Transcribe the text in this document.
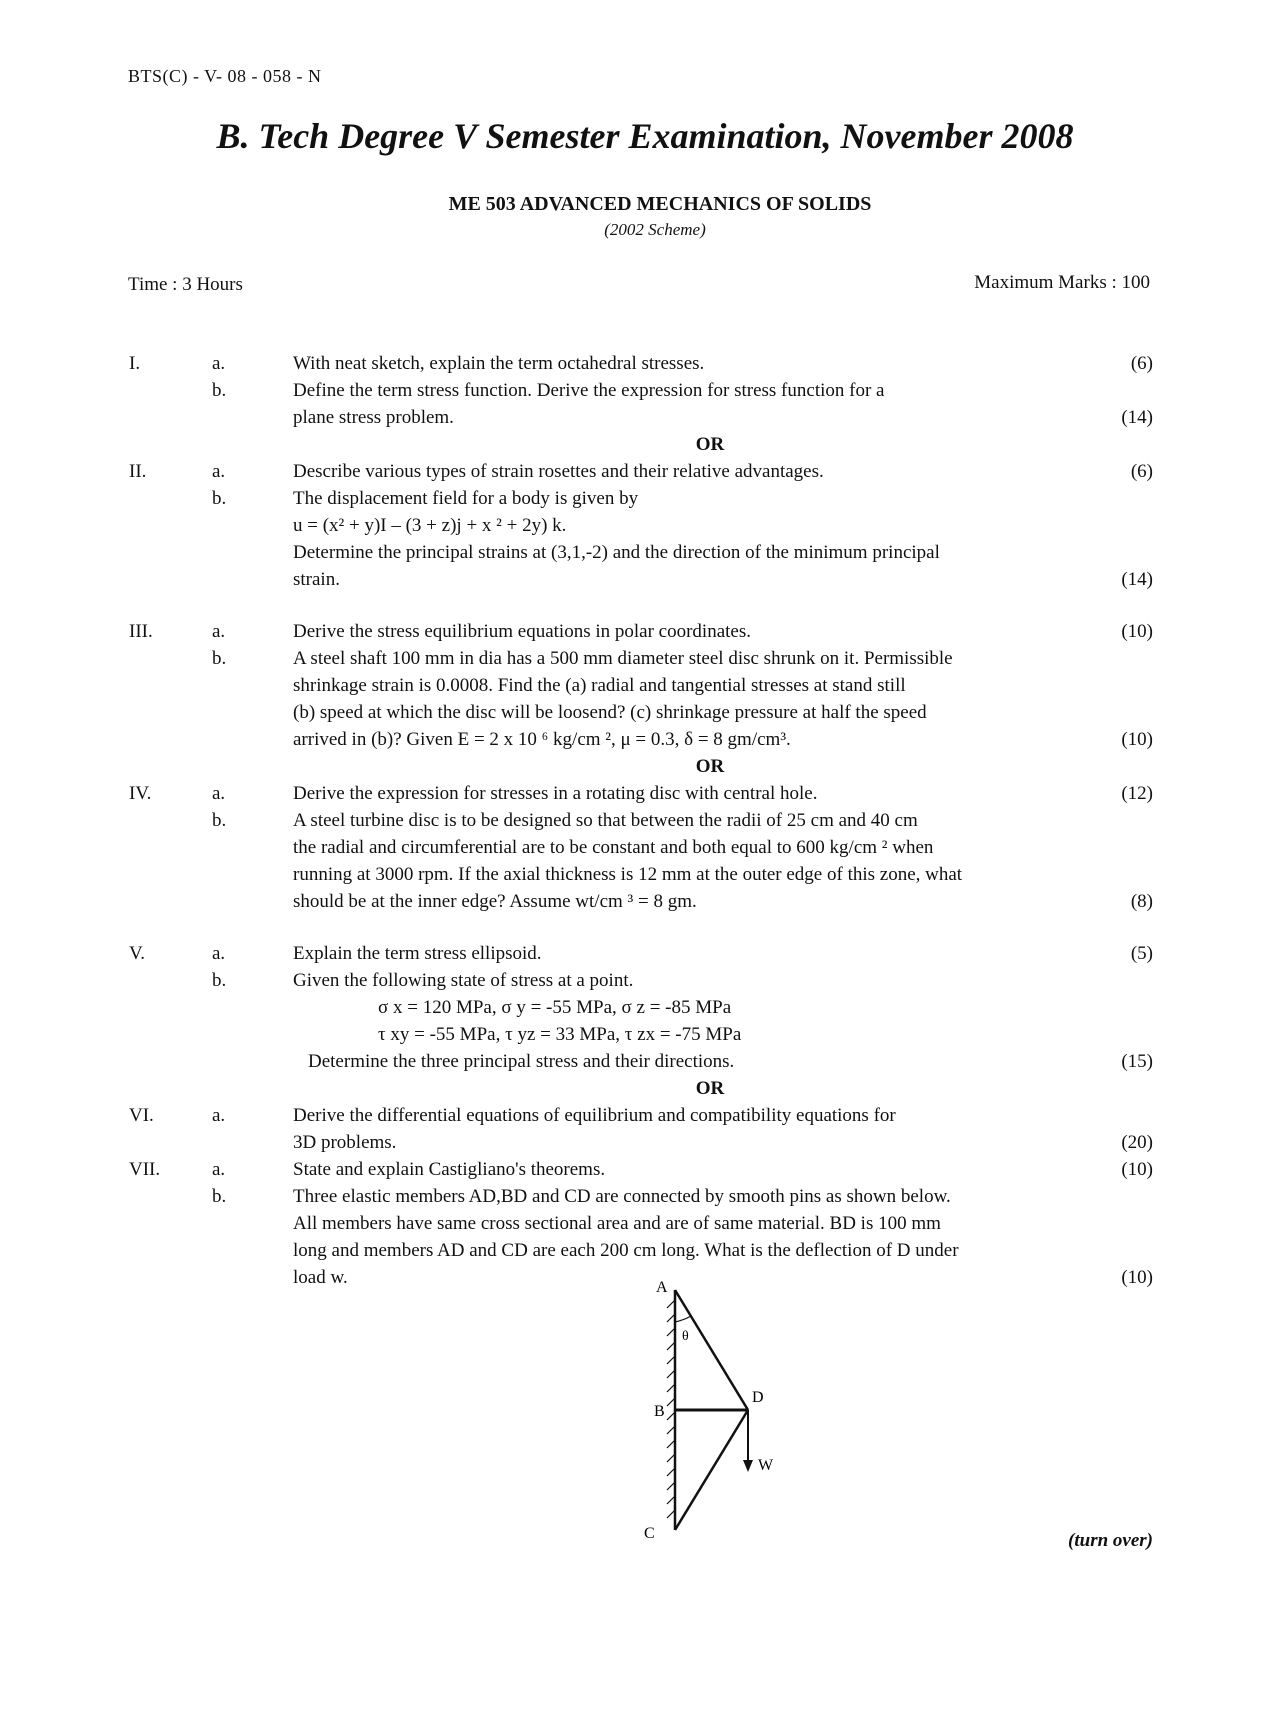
BTS(C) - V- 08 - 058 - N
B. Tech Degree V Semester Examination, November 2008
ME 503 ADVANCED MECHANICS OF SOLIDS
(2002 Scheme)
Time : 3 Hours	Maximum Marks : 100
I.	a.	With neat sketch, explain the term octahedral stresses.	(6)
b.	Define the term stress function. Derive the expression for stress function for a
plane stress problem.	(14)
OR
II.	a.	Describe various types of strain rosettes and their relative advantages.	(6)
b.	The displacement field for a body is given by
u = (x² + y)I – (3 + z)j + x ² + 2y) k.
Determine the principal strains at (3,1,-2) and the direction of the minimum principal
strain.	(14)
III.	a.	Derive the stress equilibrium equations in polar coordinates.	(10)
b.	A steel shaft 100 mm in dia has a 500 mm diameter steel disc shrunk on it. Permissible
shrinkage strain is 0.0008. Find the (a) radial and tangential stresses at stand still
(b) speed at which the disc will be loosend? (c) shrinkage pressure at half the speed
arrived in (b)? Given E = 2 x 10 ⁶ kg/cm ², μ = 0.3, δ = 8 gm/cm³.	(10)
OR
IV.	a.	Derive the expression for stresses in a rotating disc with central hole.	(12)
b.	A steel turbine disc is to be designed so that between the radii of 25 cm and 40 cm
the radial and circumferential are to be constant and both equal to 600 kg/cm ² when
running at 3000 rpm. If the axial thickness is 12 mm at the outer edge of this zone, what
should be at the inner edge? Assume wt/cm ³ = 8 gm.	(8)
V.	a.	Explain the term stress ellipsoid.	(5)
b.	Given the following state of stress at a point.
σ x = 120 MPa, σ y = -55 MPa, σ z = -85 MPa
τ xy = -55 MPa, τ yz = 33 MPa, τ zx = -75 MPa
Determine the three principal stress and their directions.	(15)
OR
VI.	a.	Derive the differential equations of equilibrium and compatibility equations for
3D problems.	(20)
VII.	a.	State and explain Castigliano's theorems.	(10)
b.	Three elastic members AD,BD and CD are connected by smooth pins as shown below.
All members have same cross sectional area and are of same material. BD is 100 mm
long and members AD and CD are each 200 cm long. What is the deflection of D under
load w.	(10)
A
B
C
D
θ
W
(turn over)
